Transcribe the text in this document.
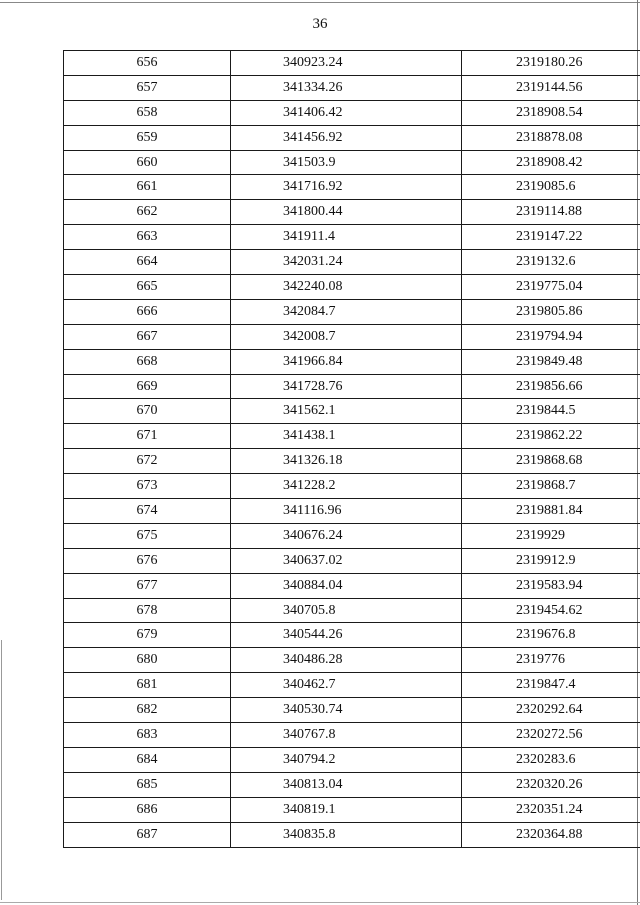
36
656	340923.24	2319180.26
657	341334.26	2319144.56
658	341406.42	2318908.54
659	341456.92	2318878.08
660	341503.9	2318908.42
661	341716.92	2319085.6
662	341800.44	2319114.88
663	341911.4	2319147.22
664	342031.24	2319132.6
665	342240.08	2319775.04
666	342084.7	2319805.86
667	342008.7	2319794.94
668	341966.84	2319849.48
669	341728.76	2319856.66
670	341562.1	2319844.5
671	341438.1	2319862.22
672	341326.18	2319868.68
673	341228.2	2319868.7
674	341116.96	2319881.84
675	340676.24	2319929
676	340637.02	2319912.9
677	340884.04	2319583.94
678	340705.8	2319454.62
679	340544.26	2319676.8
680	340486.28	2319776
681	340462.7	2319847.4
682	340530.74	2320292.64
683	340767.8	2320272.56
684	340794.2	2320283.6
685	340813.04	2320320.26
686	340819.1	2320351.24
687	340835.8	2320364.88
